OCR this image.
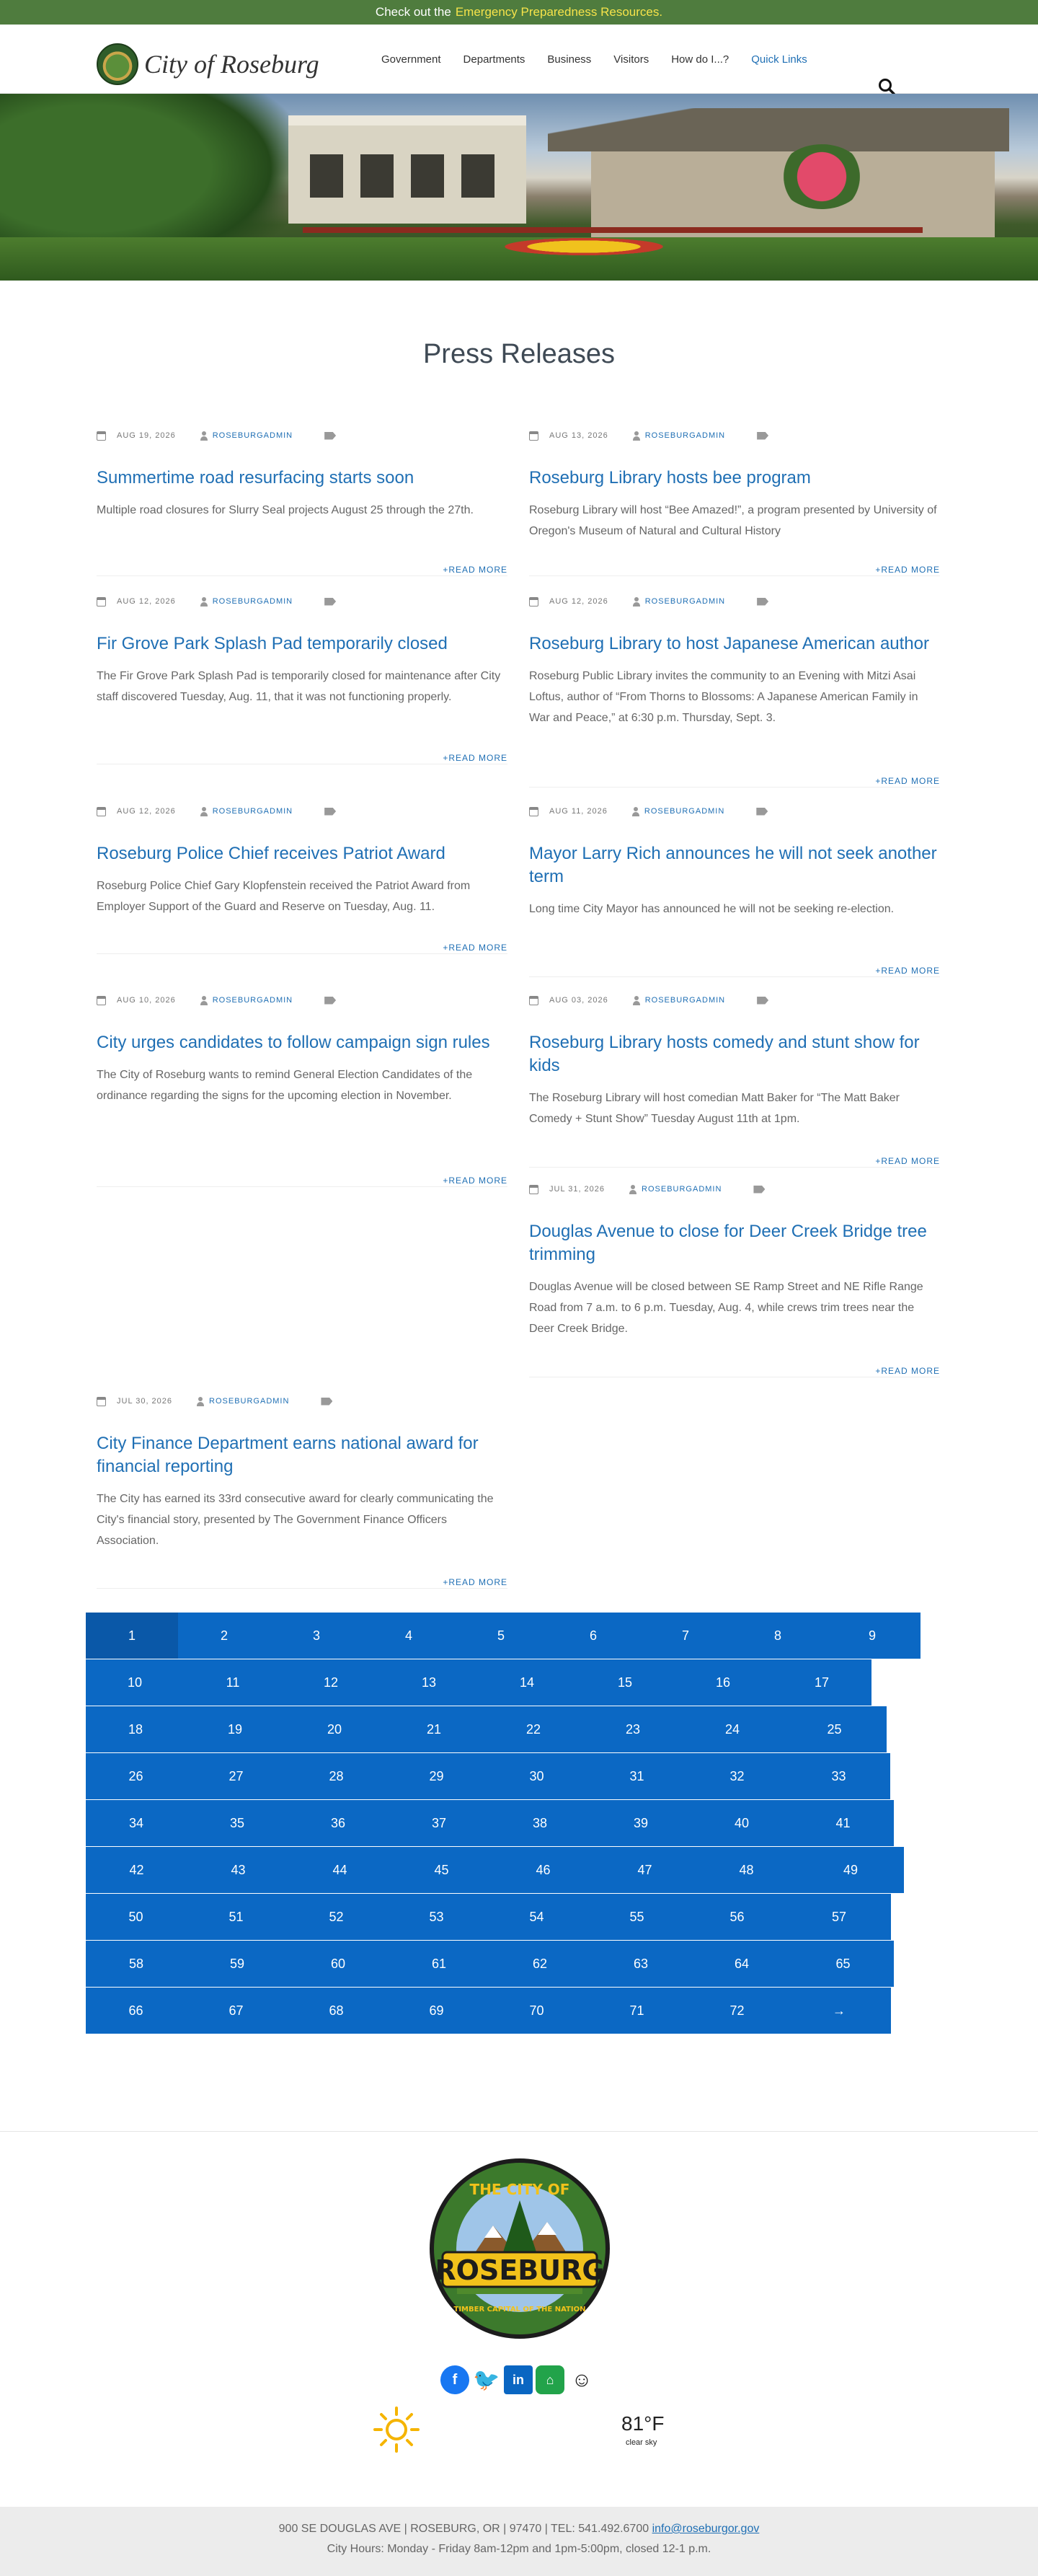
Check out the Emergency Preparedness Resources.
City of Roseburg	Government Departments Business Visitors How do I...? Quick Links
Press Releases
AUG 19, 2026	ROSEBURGADMIN
Summertime road resurfacing starts soon

Multiple road closures for Slurry Seal projects August 25 through the 27th.

+READ MORE
AUG 13, 2026	ROSEBURGADMIN
Roseburg Library hosts bee program

Roseburg Library will host “Bee Amazed!”, a program presented by University of Oregon's Museum of Natural and Cultural History

+READ MORE
AUG 12, 2026	ROSEBURGADMIN
Fir Grove Park Splash Pad temporarily closed

The Fir Grove Park Splash Pad is temporarily closed for maintenance after City staff discovered Tuesday, Aug. 11, that it was not functioning properly.

+READ MORE
AUG 12, 2026	ROSEBURGADMIN
Roseburg Library to host Japanese American author

Roseburg Public Library invites the community to an Evening with Mitzi Asai Loftus, author of “From Thorns to Blossoms: A Japanese American Family in War and Peace,” at 6:30 p.m. Thursday, Sept. 3.

+READ MORE
AUG 12, 2026	ROSEBURGADMIN
Roseburg Police Chief receives Patriot Award

Roseburg Police Chief Gary Klopfenstein received the Patriot Award from Employer Support of the Guard and Reserve on Tuesday, Aug. 11.

+READ MORE
AUG 11, 2026	ROSEBURGADMIN
Mayor Larry Rich announces he will not seek another term

Long time City Mayor has announced he will not be seeking re-election.

+READ MORE
AUG 10, 2026	ROSEBURGADMIN
City urges candidates to follow campaign sign rules

The City of Roseburg wants to remind General Election Candidates of the ordinance regarding the signs for the upcoming election in November.

+READ MORE
AUG 03, 2026	ROSEBURGADMIN
Roseburg Library hosts comedy and stunt show for kids

The Roseburg Library will host comedian Matt Baker for “The Matt Baker Comedy + Stunt Show” Tuesday August 11th at 1pm.

+READ MORE
JUL 31, 2026	ROSEBURGADMIN
Douglas Avenue to close for Deer Creek Bridge tree trimming

Douglas Avenue will be closed between SE Ramp Street and NE Rifle Range Road from 7 a.m. to 6 p.m. Tuesday, Aug. 4, while crews trim trees near the Deer Creek Bridge.

+READ MORE
JUL 30, 2026	ROSEBURGADMIN
City Finance Department earns national award for financial reporting

The City has earned its 33rd consecutive award for clearly communicating the City's financial story, presented by The Government Finance Officers Association.

+READ MORE
1	2	3	4	5	6	7	8	9
10	11	12	13	14	15	16	17
18	19	20	21	22	23	24	25
26	27	28	29	30	31	32	33
34	35	36	37	38	39	40	41
42	43	44	45	46	47	48	49
50	51	52	53	54	55	56	57
58	59	60	61	62	63	64	65
66	67	68	69	70	71	72	→
ROSEBURG
THE CITY OF
TIMBER CAPITAL OF THE NATION
f 🐦 in	⌂ ☺
81°F
clear sky
900 SE DOUGLAS AVE | ROSEBURG, OR | 97470 | TEL: 541.492.6700 info@roseburgor.gov
City Hours: Monday - Friday 8am-12pm and 1pm-5:00pm, closed 12-1 p.m.
